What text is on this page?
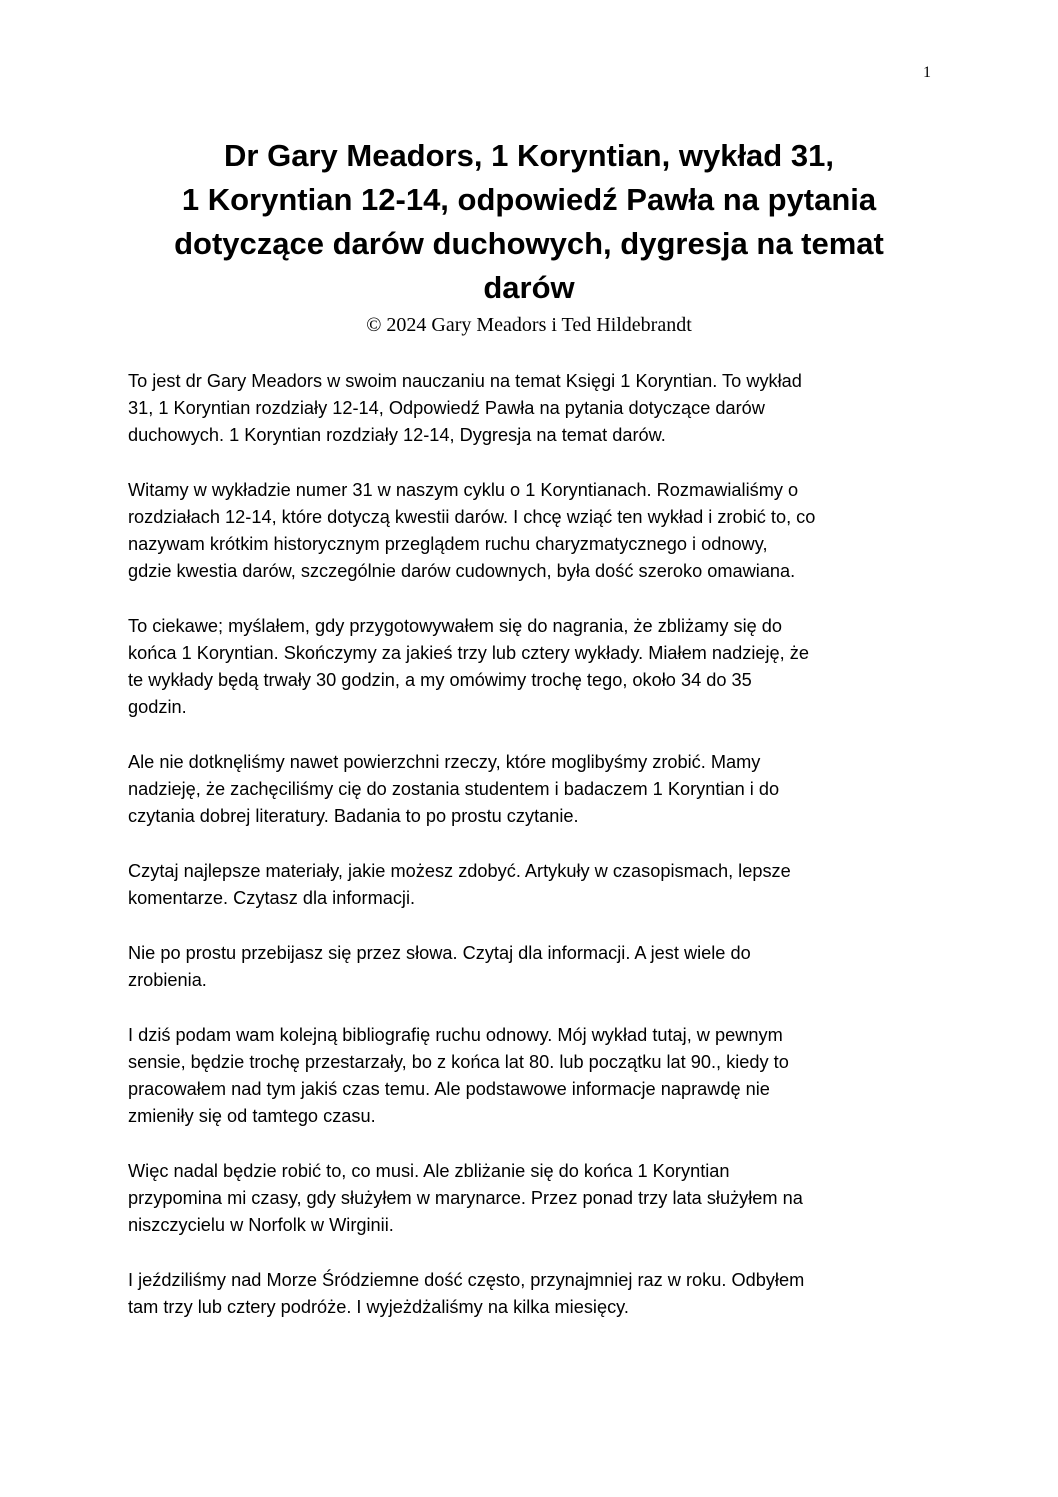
1
Dr Gary Meadors, 1 Koryntian, wykład 31,
1 Koryntian 12-14, odpowiedź Pawła na pytania
dotyczące darów duchowych, dygresja na temat
darów
© 2024 Gary Meadors i Ted Hildebrandt

To jest dr Gary Meadors w swoim nauczaniu na temat Księgi 1 Koryntian. To wykład
31, 1 Koryntian rozdziały 12-14, Odpowiedź Pawła na pytania dotyczące darów
duchowych. 1 Koryntian rozdziały 12-14, Dygresja na temat darów.

Witamy w wykładzie numer 31 w naszym cyklu o 1 Koryntianach. Rozmawialiśmy o
rozdziałach 12-14, które dotyczą kwestii darów. I chcę wziąć ten wykład i zrobić to, co
nazywam krótkim historycznym przeglądem ruchu charyzmatycznego i odnowy,
gdzie kwestia darów, szczególnie darów cudownych, była dość szeroko omawiana.

To ciekawe; myślałem, gdy przygotowywałem się do nagrania, że zbliżamy się do
końca 1 Koryntian. Skończymy za jakieś trzy lub cztery wykłady. Miałem nadzieję, że
te wykłady będą trwały 30 godzin, a my omówimy trochę tego, około 34 do 35
godzin.

Ale nie dotknęliśmy nawet powierzchni rzeczy, które moglibyśmy zrobić. Mamy
nadzieję, że zachęciliśmy cię do zostania studentem i badaczem 1 Koryntian i do
czytania dobrej literatury. Badania to po prostu czytanie.

Czytaj najlepsze materiały, jakie możesz zdobyć. Artykuły w czasopismach, lepsze
komentarze. Czytasz dla informacji.

Nie po prostu przebijasz się przez słowa. Czytaj dla informacji. A jest wiele do
zrobienia.

I dziś podam wam kolejną bibliografię ruchu odnowy. Mój wykład tutaj, w pewnym
sensie, będzie trochę przestarzały, bo z końca lat 80. lub początku lat 90., kiedy to
pracowałem nad tym jakiś czas temu. Ale podstawowe informacje naprawdę nie
zmieniły się od tamtego czasu.

Więc nadal będzie robić to, co musi. Ale zbliżanie się do końca 1 Koryntian
przypomina mi czasy, gdy służyłem w marynarce. Przez ponad trzy lata służyłem na
niszczycielu w Norfolk w Wirginii.

I jeździliśmy nad Morze Śródziemne dość często, przynajmniej raz w roku. Odbyłem
tam trzy lub cztery podróże. I wyjeżdżaliśmy na kilka miesięcy.
